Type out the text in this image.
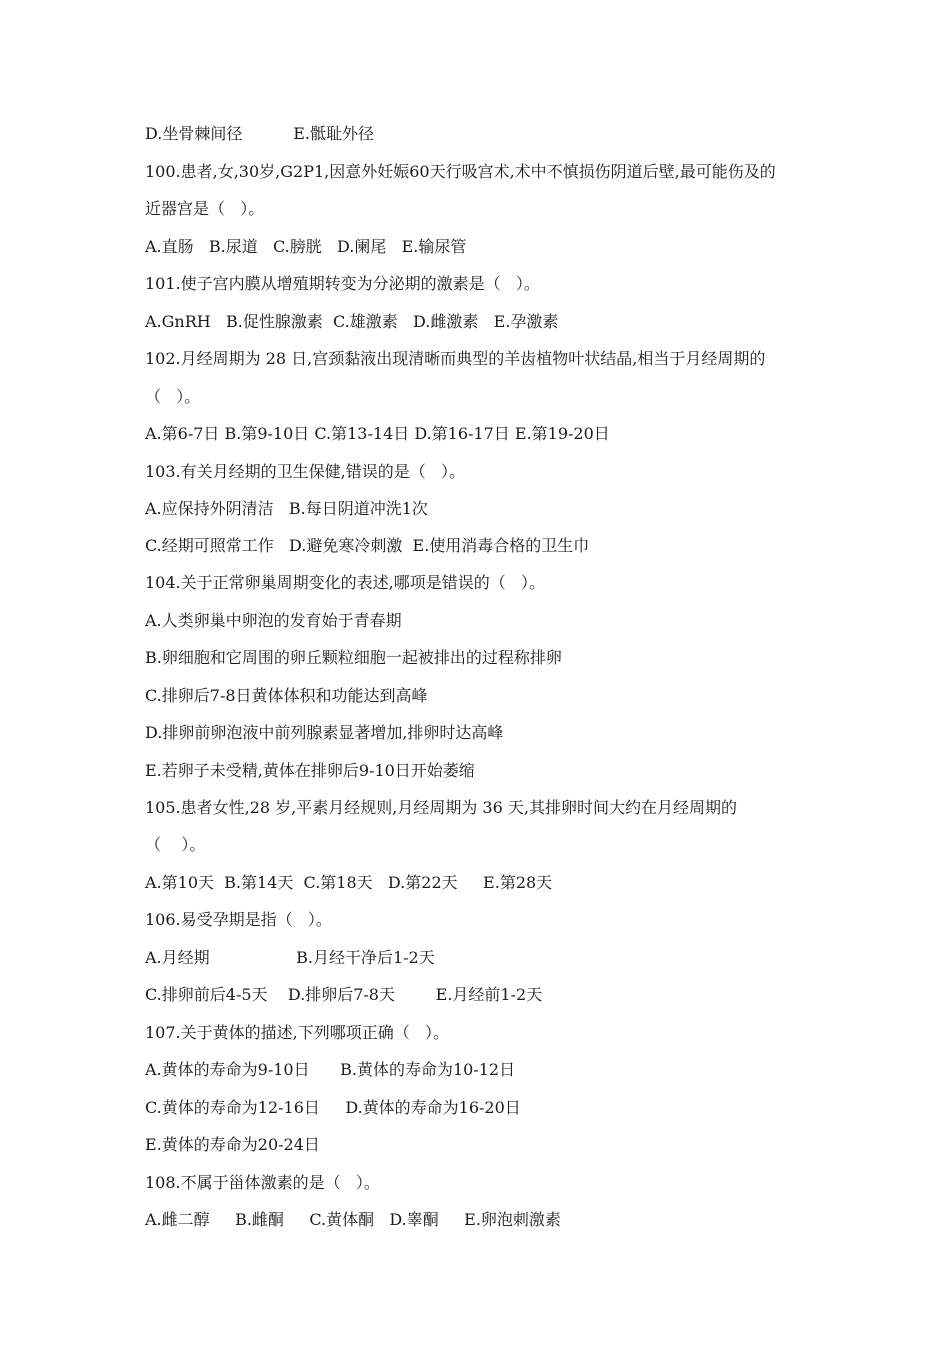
D.坐骨棘间径          E.骶耻外径
100.患者,女,30岁,G2P1,因意外妊娠60天行吸宫术,术中不慎损伤阴道后壁,最可能伤及的
近器宫是（   ）。
A.直肠   B.尿道   C.膀胱   D.阑尾   E.输尿管
101.使子宫内膜从增殖期转变为分泌期的激素是（   ）。
A.GnRH   B.促性腺激素  C.雄激素   D.雌激素   E.孕激素
102.月经周期为 28 日,宫颈黏液出现清晰而典型的羊齿植物叶状结晶,相当于月经周期的
（   ）。
A.第6-7日 B.第9-10日 C.第13-14日 D.第16-17日 E.第19-20日
103.有关月经期的卫生保健,错误的是（   ）。
A.应保持外阴清洁   B.每日阴道冲洗1次
C.经期可照常工作   D.避免寒冷刺激  E.使用消毒合格的卫生巾
104.关于正常卵巢周期变化的表述,哪项是错误的（   ）。
A.人类卵巢中卵泡的发育始于青春期
B.卵细胞和它周围的卵丘颗粒细胞一起被排出的过程称排卵
C.排卵后7-8日黄体体积和功能达到高峰
D.排卵前卵泡液中前列腺素显著增加,排卵时达高峰
E.若卵子未受精,黄体在排卵后9-10日开始萎缩
105.患者女性,28 岁,平素月经规则,月经周期为 36 天,其排卵时间大约在月经周期的
（    ）。
A.第10天  B.第14天  C.第18天   D.第22天     E.第28天
106.易受孕期是指（   ）。
A.月经期                 B.月经干净后1-2天
C.排卵前后4-5天    D.排卵后7-8天        E.月经前1-2天
107.关于黄体的描述,下列哪项正确（   ）。
A.黄体的寿命为9-10日      B.黄体的寿命为10-12日
C.黄体的寿命为12-16日     D.黄体的寿命为16-20日
E.黄体的寿命为20-24日
108.不属于甾体激素的是（   ）。
A.雌二醇     B.雌酮     C.黄体酮   D.睾酮     E.卵泡刺激素
